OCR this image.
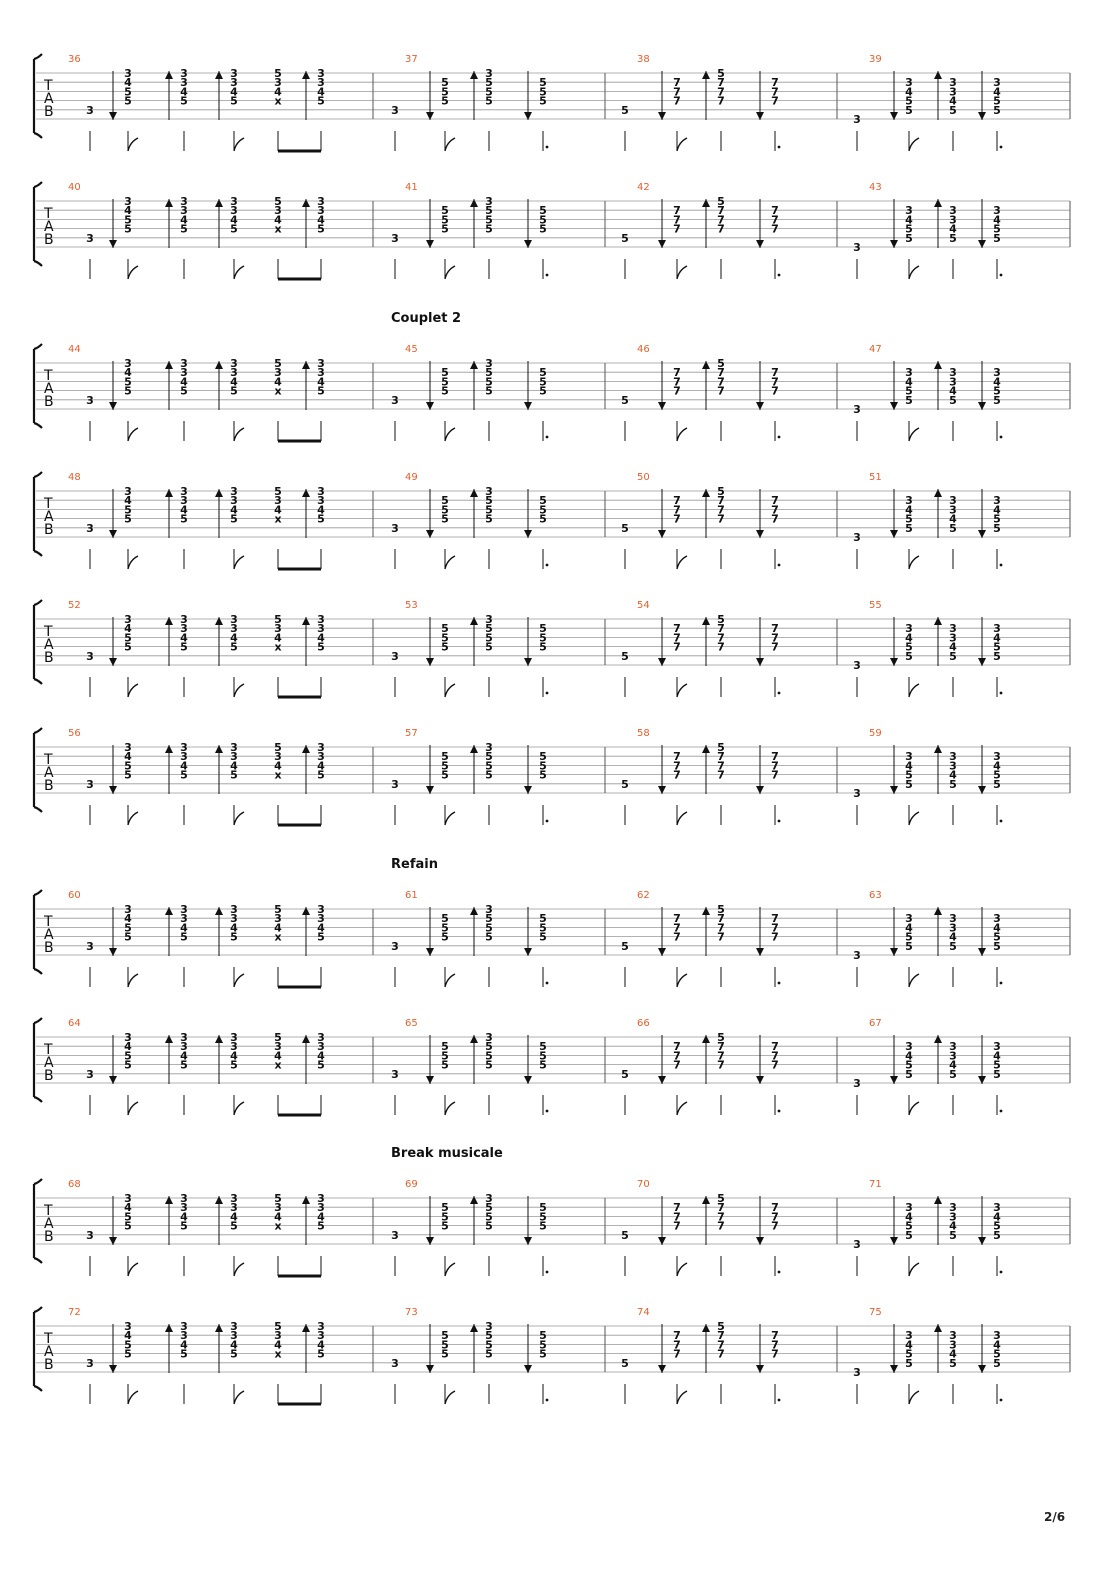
T
A
B
36
3
3
4
5
5
3
3
4
5
3
3
4
5
5
3
4
x
3
3
4
5
37
3
5
5
5
3
5
5
5
5
5
5
38
5
7
7
7
5
7
7
7
7
7
7
39
3
3
4
5
5
3
3
4
5
3
4
5
5
T
A
B
40
3
3
4
5
5
3
3
4
5
3
3
4
5
5
3
4
x
3
3
4
5
41
3
5
5
5
3
5
5
5
5
5
5
42
5
7
7
7
5
7
7
7
7
7
7
43
3
3
4
5
5
3
3
4
5
3
4
5
5
T
A
B
44
3
3
4
5
5
3
3
4
5
3
3
4
5
5
3
4
x
3
3
4
5
45
3
5
5
5
3
5
5
5
5
5
5
46
5
7
7
7
5
7
7
7
7
7
7
47
3
3
4
5
5
3
3
4
5
3
4
5
5
T
A
B
48
3
3
4
5
5
3
3
4
5
3
3
4
5
5
3
4
x
3
3
4
5
49
3
5
5
5
3
5
5
5
5
5
5
50
5
7
7
7
5
7
7
7
7
7
7
51
3
3
4
5
5
3
3
4
5
3
4
5
5
T
A
B
52
3
3
4
5
5
3
3
4
5
3
3
4
5
5
3
4
x
3
3
4
5
53
3
5
5
5
3
5
5
5
5
5
5
54
5
7
7
7
5
7
7
7
7
7
7
55
3
3
4
5
5
3
3
4
5
3
4
5
5
T
A
B
56
3
3
4
5
5
3
3
4
5
3
3
4
5
5
3
4
x
3
3
4
5
57
3
5
5
5
3
5
5
5
5
5
5
58
5
7
7
7
5
7
7
7
7
7
7
59
3
3
4
5
5
3
3
4
5
3
4
5
5
T
A
B
60
3
3
4
5
5
3
3
4
5
3
3
4
5
5
3
4
x
3
3
4
5
61
3
5
5
5
3
5
5
5
5
5
5
62
5
7
7
7
5
7
7
7
7
7
7
63
3
3
4
5
5
3
3
4
5
3
4
5
5
T
A
B
64
3
3
4
5
5
3
3
4
5
3
3
4
5
5
3
4
x
3
3
4
5
65
3
5
5
5
3
5
5
5
5
5
5
66
5
7
7
7
5
7
7
7
7
7
7
67
3
3
4
5
5
3
3
4
5
3
4
5
5
T
A
B
68
3
3
4
5
5
3
3
4
5
3
3
4
5
5
3
4
x
3
3
4
5
69
3
5
5
5
3
5
5
5
5
5
5
70
5
7
7
7
5
7
7
7
7
7
7
71
3
3
4
5
5
3
3
4
5
3
4
5
5
T
A
B
72
3
3
4
5
5
3
3
4
5
3
3
4
5
5
3
4
x
3
3
4
5
73
3
5
5
5
3
5
5
5
5
5
5
74
5
7
7
7
5
7
7
7
7
7
7
75
3
3
4
5
5
3
3
4
5
3
4
5
5
Couplet 2
Refain
Break musicale
2/6
